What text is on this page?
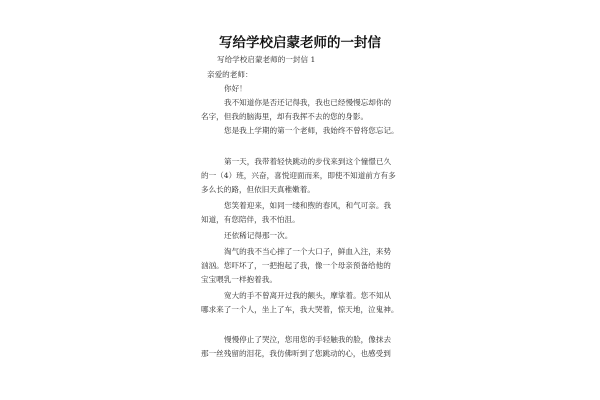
写给学校启蒙老师的一封信
写给学校启蒙老师的一封信 1
亲爱的老师：
你好！
我不知道你是否还记得我，我也已经慢慢忘却你的
名字，但我的脑海里，却有我挥不去的您的身影。
您是我上学期的第一个老师，我始终不曾将您忘记。
第一天，我带着轻快跳动的步伐来到这个憧憬已久
的一（4）班，兴奋，喜悦迎面而来，即使不知道前方有多
多么长的路，但依旧天真稚嫩着。
您笑着迎来，如同一缕和煦的春风，和气可亲。我
知道，有您陪伴，我不怕沮。
还依稀记得那一次。
淘气的我不当心摔了一个大口子，鲜血入注，来势
汹汹。您吓坏了，一把抱起了我，像一个母亲预备给他的
宝宝喂乳一样抱着我。
宽大的手不曾离开过我的额头，摩挲着。您不知从
哪求来了一个人，坐上了车，我大哭着，惊天地，泣鬼神。
慢慢停止了哭泣，您用您的手轻触我的脸，像抹去
那一丝残留的泪花，我仿佛听到了您跳动的心，也感受到
